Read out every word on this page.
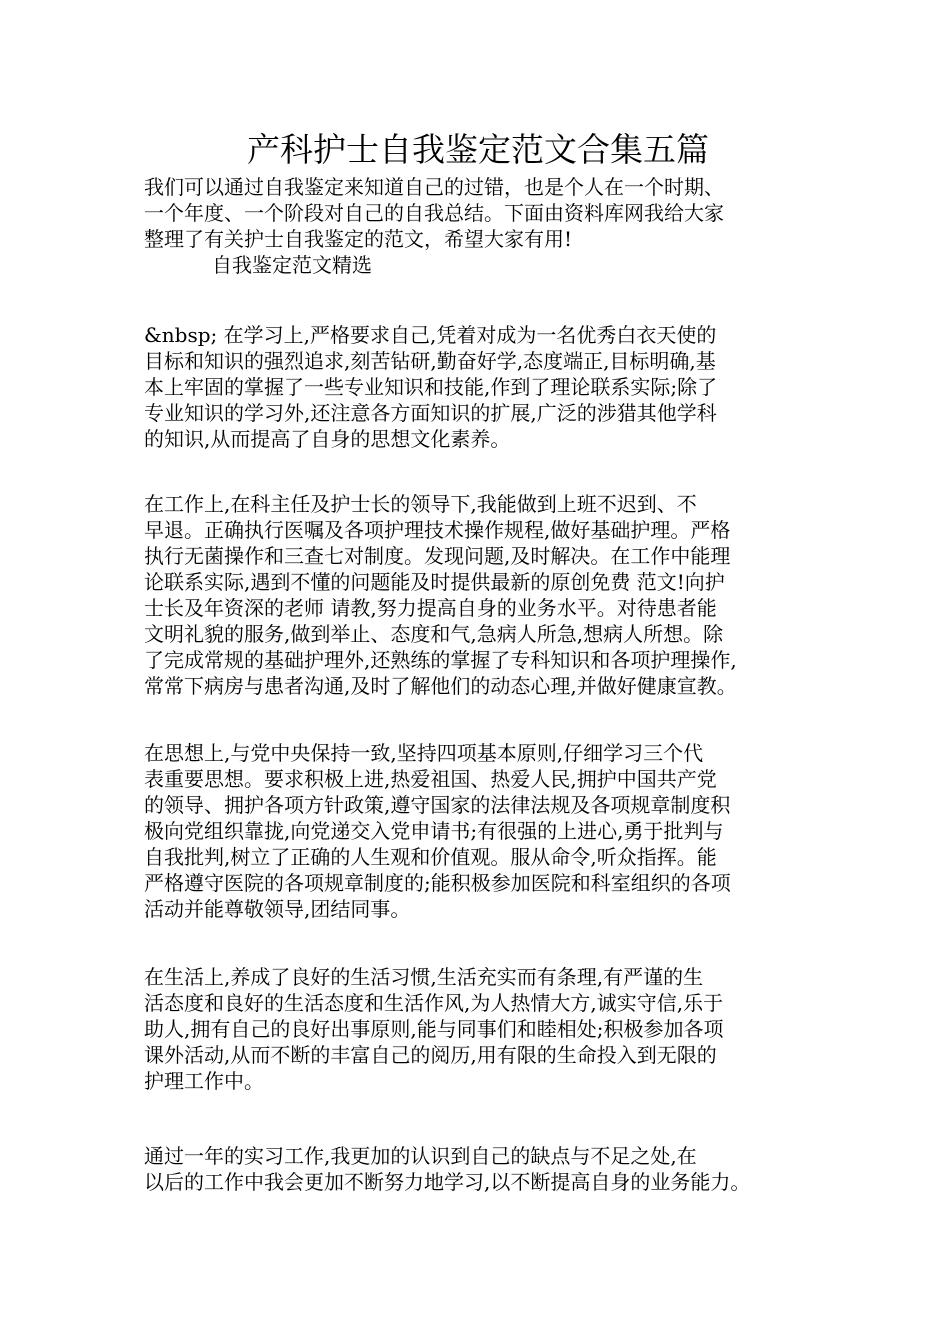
产科护士自我鉴定范文合集五篇
我们可以通过自我鉴定来知道自己的过错，也是个人在一个时期、
一个年度、一个阶段对自己的自我总结。下面由资料库网我给大家
整理了有关护士自我鉴定的范文，希望大家有用!
自我鉴定范文精选
&nbsp; 在学习上,严格要求自己,凭着对成为一名优秀白衣天使的
目标和知识的强烈追求,刻苦钻研,勤奋好学,态度端正,目标明确,基
本上牢固的掌握了一些专业知识和技能,作到了理论联系实际;除了
专业知识的学习外,还注意各方面知识的扩展,广泛的涉猎其他学科
的知识,从而提高了自身的思想文化素养。
在工作上,在科主任及护士长的领导下,我能做到上班不迟到、不
早退。正确执行医嘱及各项护理技术操作规程,做好基础护理。严格
执行无菌操作和三查七对制度。发现问题,及时解决。在工作中能理
论联系实际,遇到不懂的问题能及时提供最新的原创免费 范文!向护
士长及年资深的老师 请教,努力提高自身的业务水平。对待患者能
文明礼貌的服务,做到举止、态度和气,急病人所急,想病人所想。除
了完成常规的基础护理外,还熟练的掌握了专科知识和各项护理操作,
常常下病房与患者沟通,及时了解他们的动态心理,并做好健康宣教。
在思想上,与党中央保持一致,坚持四项基本原则,仔细学习三个代
表重要思想。要求积极上进,热爱祖国、热爱人民,拥护中国共产党
的领导、拥护各项方针政策,遵守国家的法律法规及各项规章制度积
极向党组织靠拢,向党递交入党申请书;有很强的上进心,勇于批判与
自我批判,树立了正确的人生观和价值观。服从命令,听众指挥。能
严格遵守医院的各项规章制度的;能积极参加医院和科室组织的各项
活动并能尊敬领导,团结同事。
在生活上,养成了良好的生活习惯,生活充实而有条理,有严谨的生
活态度和良好的生活态度和生活作风,为人热情大方,诚实守信,乐于
助人,拥有自己的良好出事原则,能与同事们和睦相处;积极参加各项
课外活动,从而不断的丰富自己的阅历,用有限的生命投入到无限的
护理工作中。
通过一年的实习工作,我更加的认识到自己的缺点与不足之处,在
以后的工作中我会更加不断努力地学习,以不断提高自身的业务能力。
